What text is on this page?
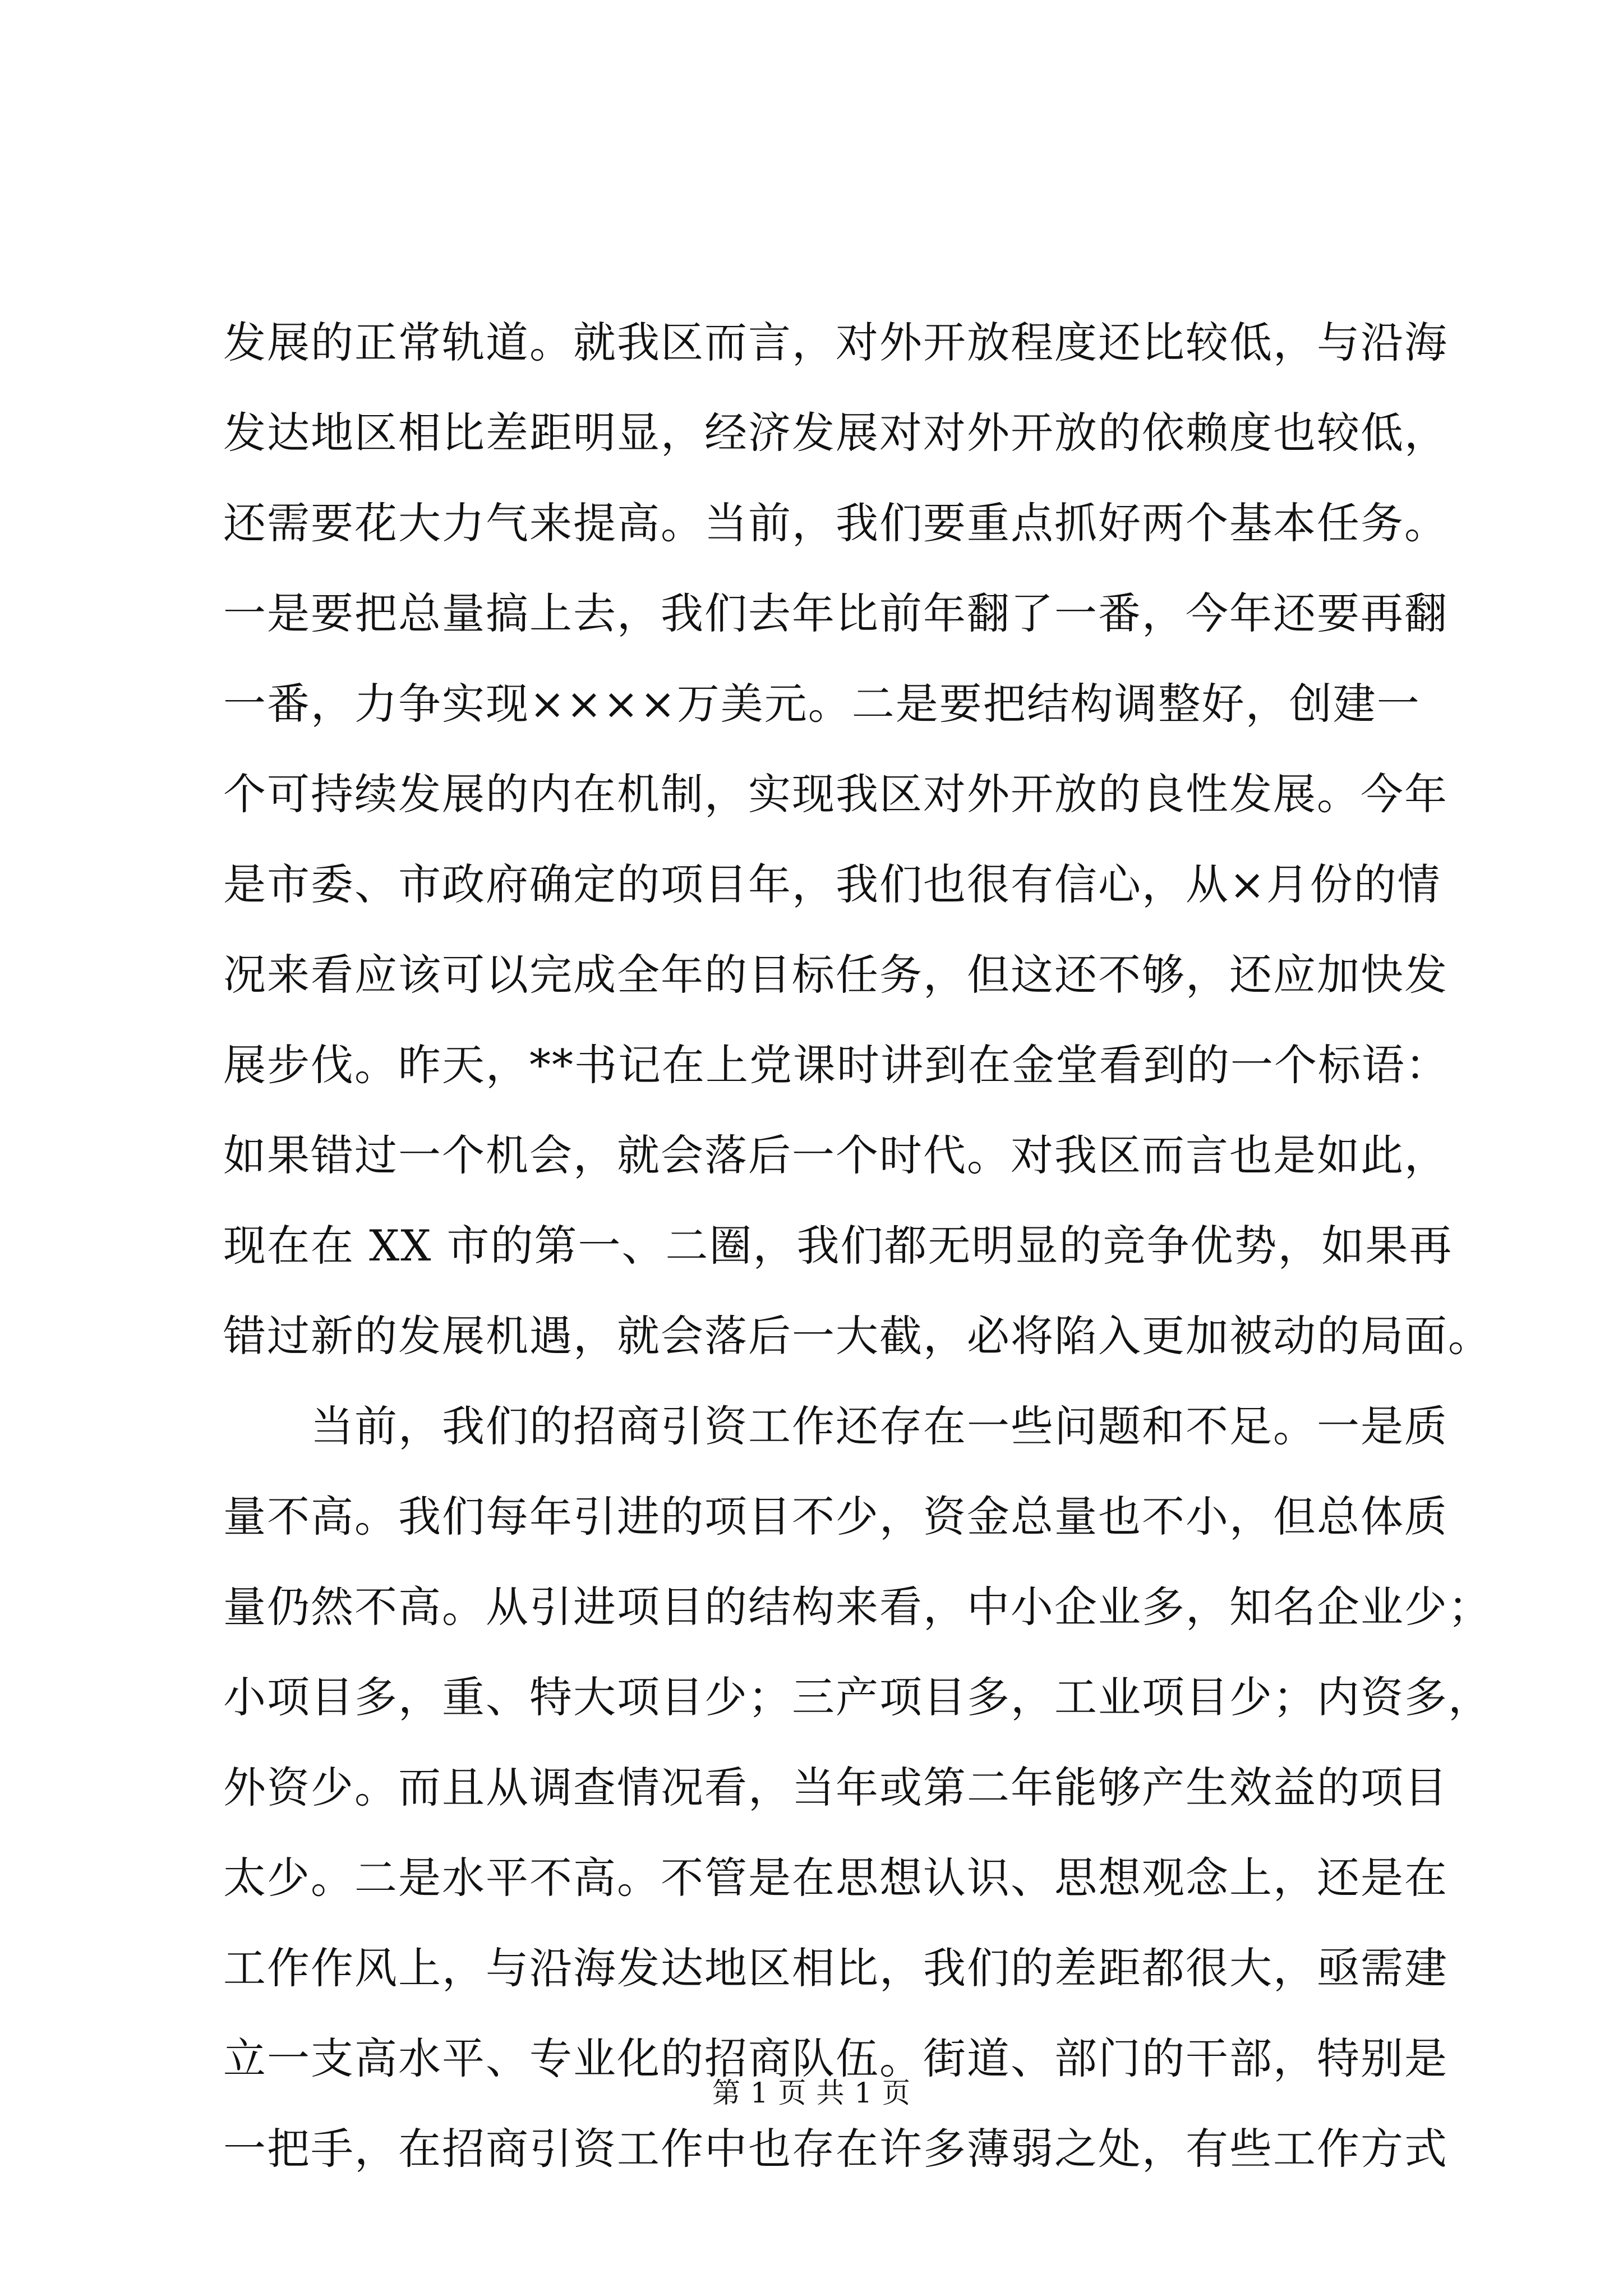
发展的正常轨道。就我区而言，对外开放程度还比较低，与沿海
发达地区相比差距明显，经济发展对对外开放的依赖度也较低，
还需要花大力气来提高。当前，我们要重点抓好两个基本任务。
一是要把总量搞上去，我们去年比前年翻了一番，今年还要再翻
一番，力争实现××××万美元。二是要把结构调整好，创建一
个可持续发展的内在机制，实现我区对外开放的良性发展。今年
是市委、市政府确定的项目年，我们也很有信心，从×月份的情
况来看应该可以完成全年的目标任务，但这还不够，还应加快发
展步伐。昨天，**书记在上党课时讲到在金堂看到的一个标语：
如果错过一个机会，就会落后一个时代。对我区而言也是如此，
现在在 XX 市的第一、二圈，我们都无明显的竞争优势，如果再
错过新的发展机遇，就会落后一大截，必将陷入更加被动的局面。
当前，我们的招商引资工作还存在一些问题和不足。一是质
量不高。我们每年引进的项目不少，资金总量也不小，但总体质
量仍然不高。从引进项目的结构来看，中小企业多，知名企业少；
小项目多，重、特大项目少；三产项目多，工业项目少；内资多，
外资少。而且从调查情况看，当年或第二年能够产生效益的项目
太少。二是水平不高。不管是在思想认识、思想观念上，还是在
工作作风上，与沿海发达地区相比，我们的差距都很大，亟需建
立一支高水平、专业化的招商队伍。街道、部门的干部，特别是
一把手，在招商引资工作中也存在许多薄弱之处，有些工作方式
第 1 页 共 1 页
